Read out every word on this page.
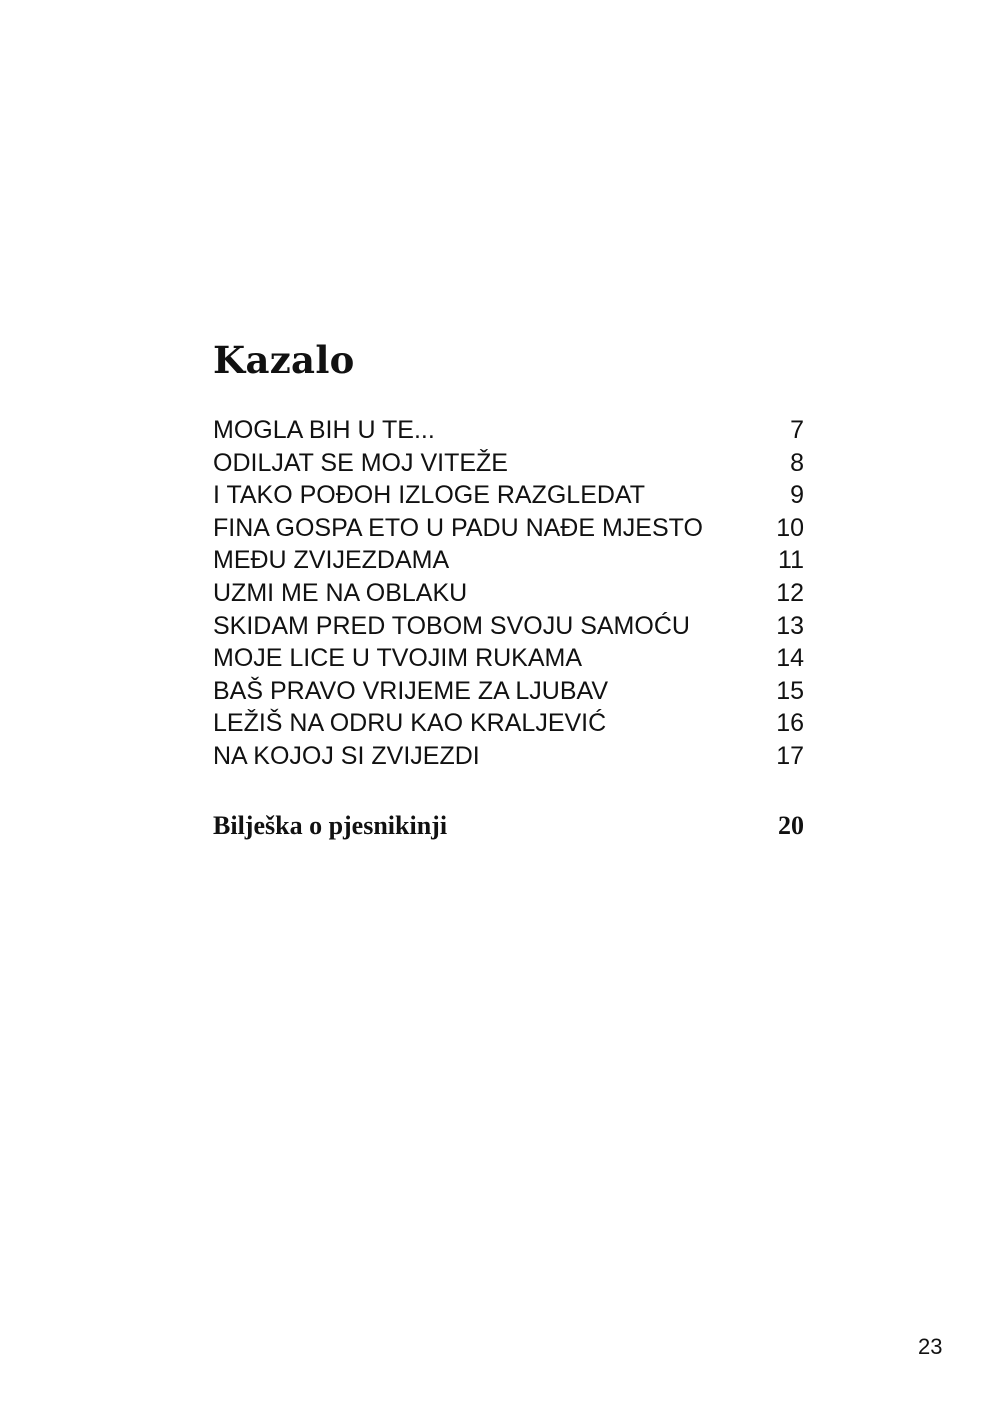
Kazalo
MOGLA BIH U TE...	7
ODILJAT SE MOJ VITEŽE	8
I TAKO POĐOH IZLOGE RAZGLEDAT	9
FINA GOSPA ETO U PADU NAĐE MJESTO	10
MEĐU ZVIJEZDAMA	11
UZMI ME NA OBLAKU	12
SKIDAM PRED TOBOM SVOJU SAMOĆU	13
MOJE LICE U TVOJIM RUKAMA	14
BAŠ PRAVO VRIJEME ZA LJUBAV	15
LEŽIŠ NA ODRU KAO KRALJEVIĆ	16
NA KOJOJ SI ZVIJEZDI	17
Bilješka o pjesnikinji	20
23
